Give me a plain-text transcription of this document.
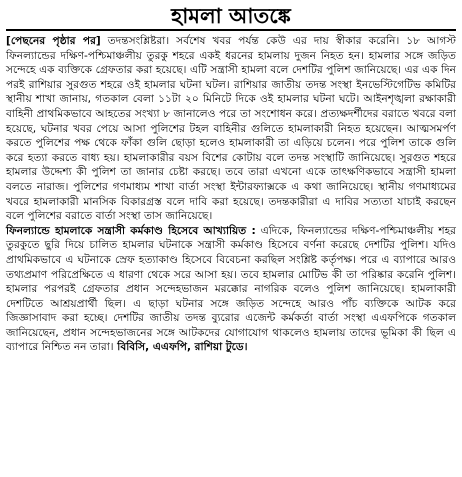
হামলা আতঙ্কে

[পেছনের পৃষ্ঠার পর] তদন্তসংশ্লিষ্টরা। সর্বশেষ খবর পর্যন্ত কেউ এর দায় স্বীকার করেনি। ১৮ আগস্ট ফিনল্যান্ডের দক্ষিণ-পশ্চিমাঞ্চলীয় তুরকু শহরে একই ধরনের হামলায় দুজন নিহত হন। হামলার সঙ্গে জড়িত সন্দেহে এক ব্যক্তিকে গ্রেফতার করা হয়েছে। এটি সন্ত্রাসী হামলা বলে দেশটির পুলিশ জানিয়েছে। এর এক দিন পরই রাশিয়ার সুরগুত শহরে ওই হামলার ঘটনা ঘটল। রাশিয়ার জাতীয় তদন্ত সংস্থা ইনভেস্টিগেটিভ কমিটির স্থানীয় শাখা জানায়, গতকাল বেলা ১১টা ২০ মিনিটে দিকে ওই হামলার ঘটনা ঘটে। আইনশৃঙ্খলা রক্ষাকারী বাহিনী প্রাথমিকভাবে আহতের সংখ্যা ৮ জানালেও পরে তা সংশোধন করে। প্রত্যক্ষদর্শীদের বরাতে খবরে বলা হয়েছে, ঘটনার খবর পেয়ে আসা পুলিশের টহল বাহিনীর গুলিতে হামলাকারী নিহত হয়েছেন। আত্মসমর্পণ করতে পুলিশের পক্ষ থেকে ফাঁকা গুলি ছোড়া হলেও হামলাকারী তা এড়িয়ে চলেন। পরে পুলিশ তাকে গুলি করে হত্যা করতে বাধ্য হয়। হামলাকারীর বয়স বিশের কোটায় বলে তদন্ত সংস্থাটি জানিয়েছে। সুরগুত শহরে হামলার উদ্দেশ্য কী পুলিশ তা জানার চেষ্টা করছে। তবে তারা এখনো একে তাৎক্ষণিকভাবে সন্ত্রাসী হামলা বলতে নারাজ। পুলিশের গণমাধ্যম শাখা বার্তা সংস্থা ইন্টারফ্যাক্সকে এ কথা জানিয়েছে। স্থানীয় গণমাধ্যমের খবরে হামলাকারী মানসিক বিকারগ্রস্ত বলে দাবি করা হয়েছে। তদন্তকারীরা এ দাবির সত্যতা যাচাই করছেন বলে পুলিশের বরাতে বার্তা সংস্থা তাস জানিয়েছে।

ফিনল্যান্ডে হামলাকে সন্ত্রাসী কর্মকাণ্ড হিসেবে আখ্যায়িত : এদিকে, ফিনল্যান্ডের দক্ষিণ-পশ্চিমাঞ্চলীয় শহর তুরকুতে ছুরি দিয়ে চালিত হামলার ঘটনাকে সন্ত্রাসী কর্মকাণ্ড হিসেবে বর্ণনা করেছে দেশটির পুলিশ। যদিও প্রাথমিকভাবে এ ঘটনাকে স্রেফ হত্যাকাণ্ড হিসেবে বিবেচনা করছিল সংশ্লিষ্ট কর্তৃপক্ষ। পরে এ ব্যাপারে আরও তথ্যপ্রমাণ পরিপ্রেক্ষিতে এ ধারণা থেকে সরে আসা হয়। তবে হামলার মোটিভ কী তা পরিষ্কার করেনি পুলিশ। হামলার পরপরই গ্রেফতার প্রধান সন্দেহভাজন মরক্কোর নাগরিক বলেও পুলিশ জানিয়েছে। হামলাকারী দেশটিতে আশ্রয়প্রার্থী ছিল। এ ছাড়া ঘটনার সঙ্গে জড়িত সন্দেহে আরও পাঁচ ব্যক্তিকে আটক করে জিজ্ঞাসাবাদ করা হচ্ছে। দেশটির জাতীয় তদন্ত ব্যুরোর এজেন্ট কর্মকর্তা বার্তা সংস্থা এএফপিকে গতকাল জানিয়েছেন, প্রধান সন্দেহভাজনের সঙ্গে আটকদের যোগাযোগ থাকলেও হামলায় তাদের ভূমিকা কী ছিল এ ব্যাপারে নিশ্চিত নন তারা। বিবিসি, এএফপি, রাশিয়া টুডে।
